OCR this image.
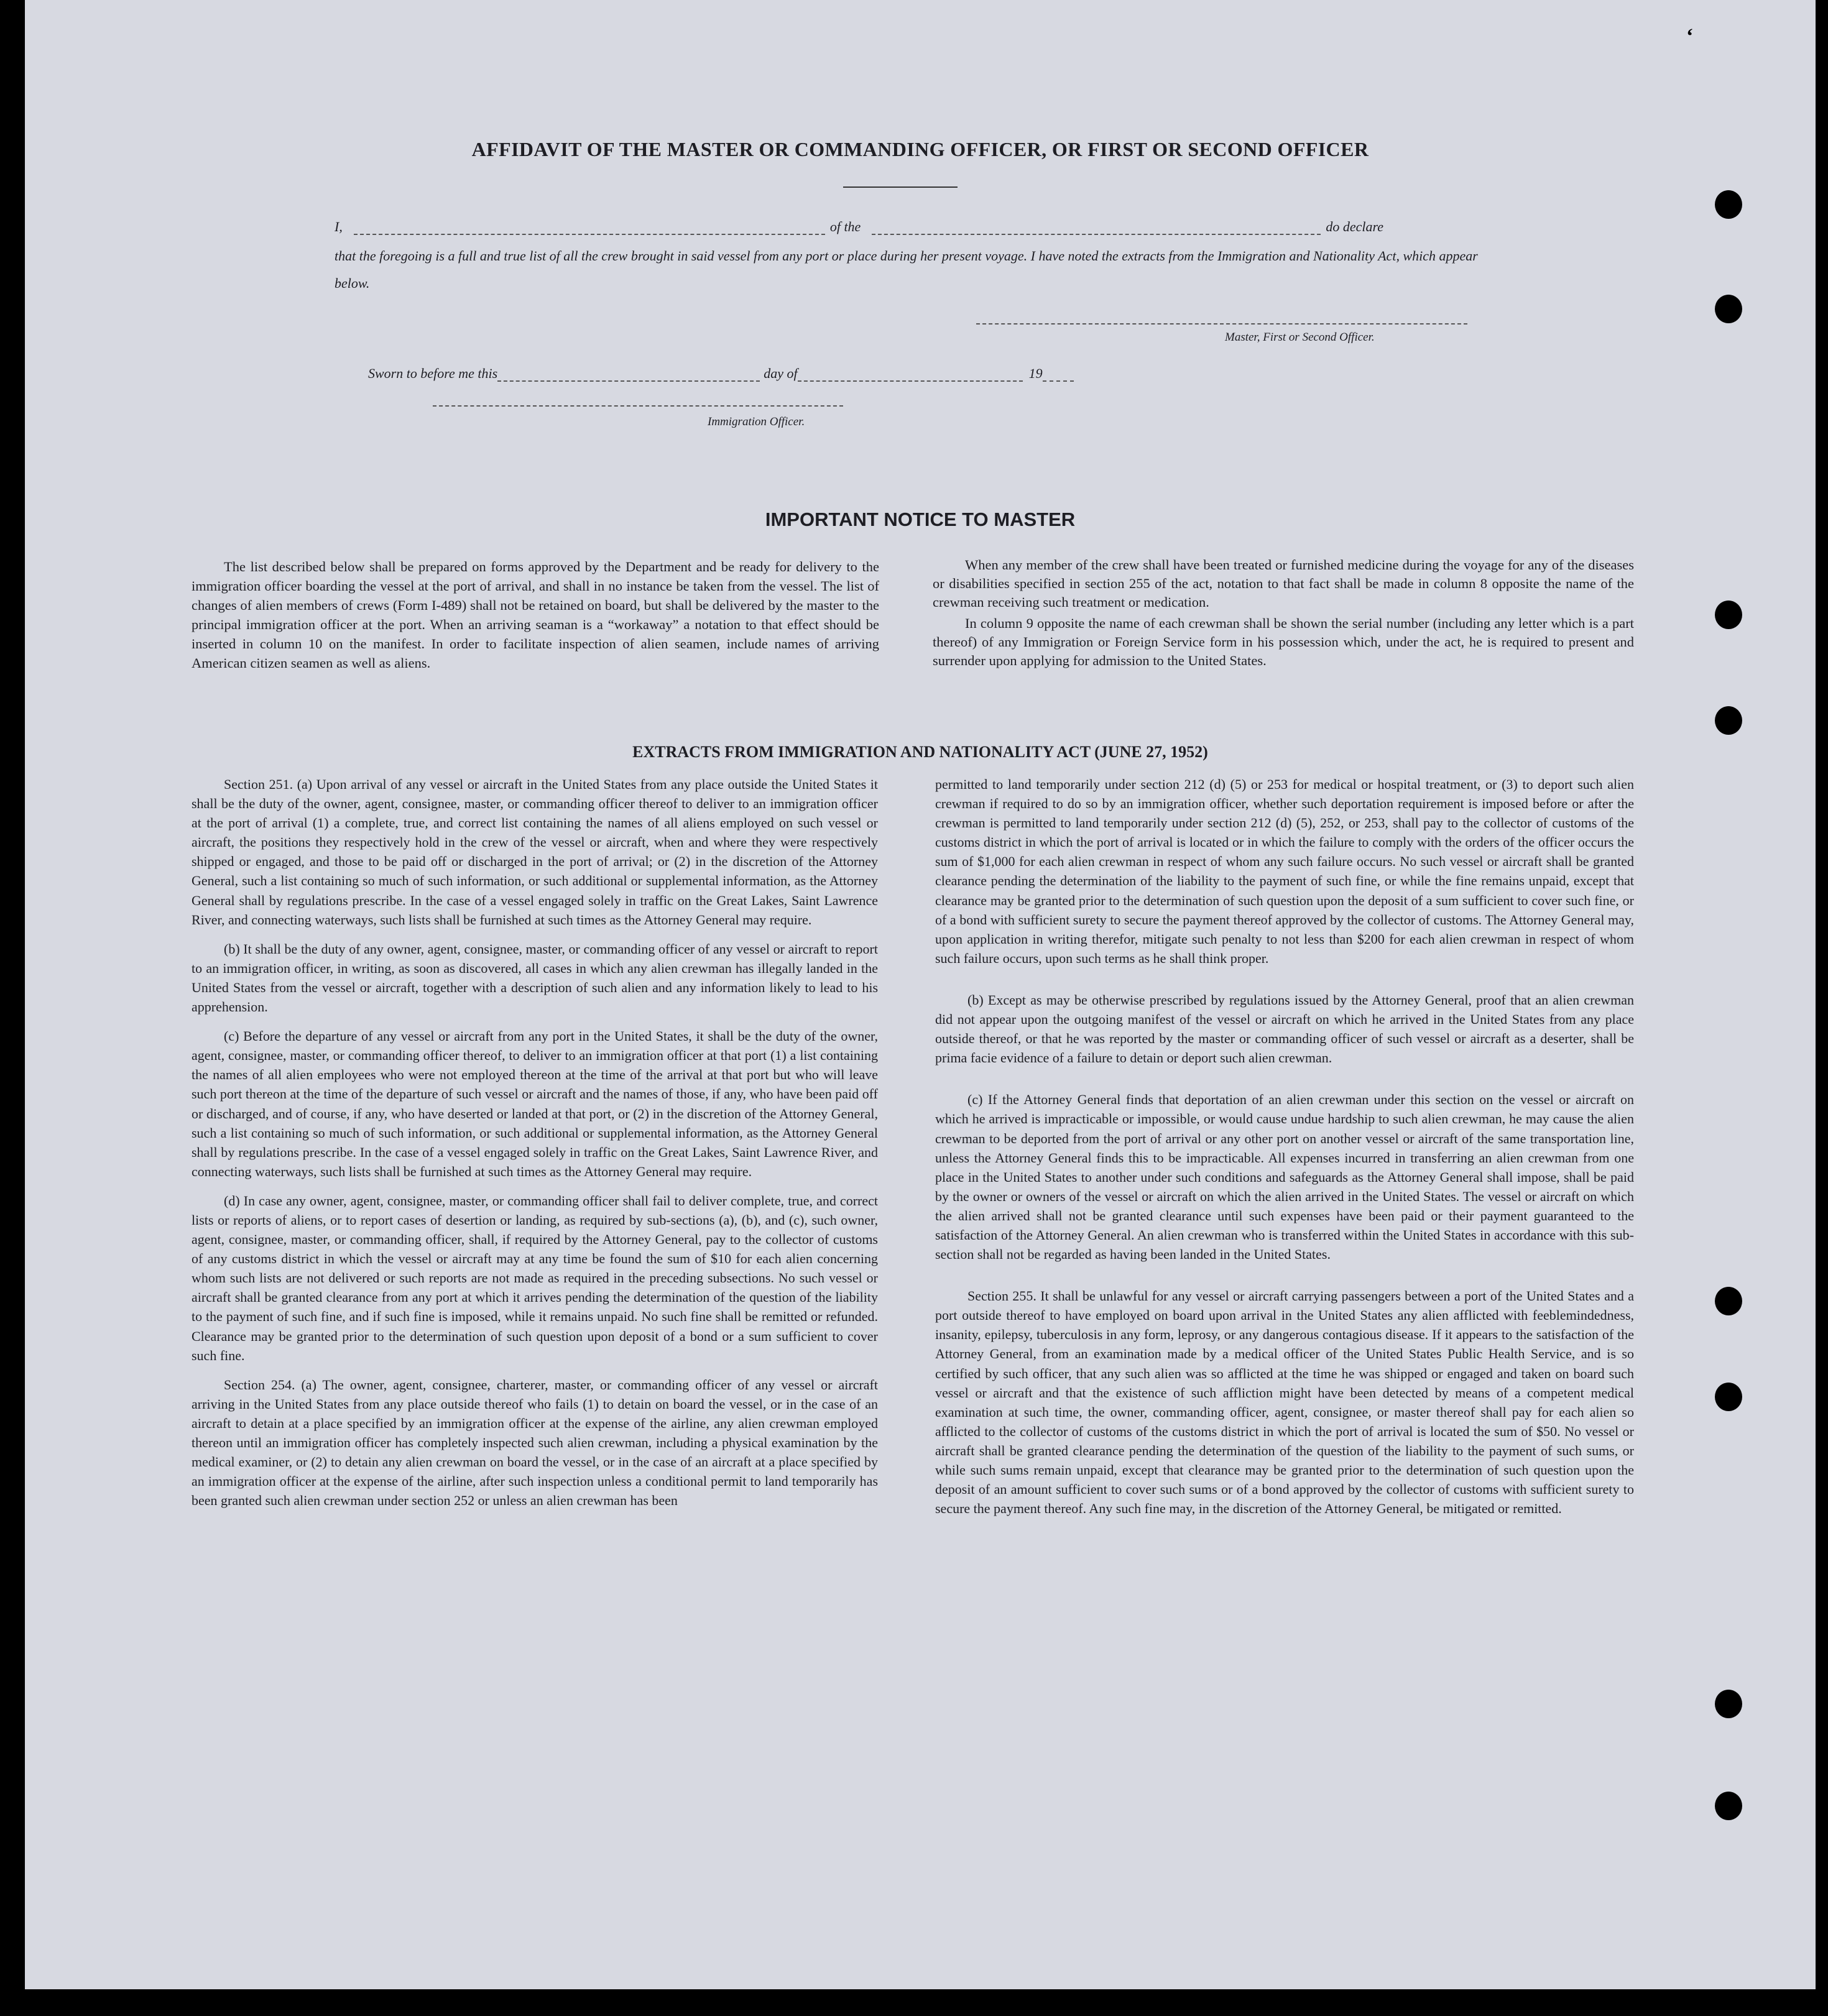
‘
AFFIDAVIT OF THE MASTER OR COMMANDING OFFICER, OR FIRST OR SECOND OFFICER
I,	of the	do declare
that the foregoing is a full and true list of all the crew brought in said vessel from any port or place during her present voyage. I have noted the extracts from the Immigration and Nationality Act, which appear below.
Master, First or Second Officer.
Sworn to before me this	day of	19
Immigration Officer.
IMPORTANT NOTICE TO MASTER

The list described below shall be prepared on forms approved by the Department and be ready for delivery to the immigration officer boarding the vessel at the port of arrival, and shall in no instance be taken from the vessel. The list of changes of alien members of crews (Form I-489) shall not be retained on board, but shall be delivered by the master to the principal immigration officer at the port. When an arriving seaman is a “workaway” a notation to that effect should be inserted in column 10 on the manifest. In order to facilitate inspection of alien seamen, include names of arriving American citizen seamen as well as aliens.

When any member of the crew shall have been treated or furnished medicine during the voyage for any of the diseases or disabilities specified in section 255 of the act, notation to that fact shall be made in column 8 opposite the name of the crewman receiving such treatment or medication.

In column 9 opposite the name of each crewman shall be shown the serial number (including any letter which is a part thereof) of any Immigration or Foreign Service form in his possession which, under the act, he is required to present and surrender upon applying for admission to the United States.

EXTRACTS FROM IMMIGRATION AND NATIONALITY ACT (JUNE 27, 1952)

Section 251. (a) Upon arrival of any vessel or aircraft in the United States from any place outside the United States it shall be the duty of the owner, agent, consignee, master, or commanding officer thereof to deliver to an immigration officer at the port of arrival (1) a complete, true, and correct list containing the names of all aliens employed on such vessel or aircraft, the positions they respectively hold in the crew of the vessel or aircraft, when and where they were respectively shipped or engaged, and those to be paid off or discharged in the port of arrival; or (2) in the discretion of the Attorney General, such a list containing so much of such information, or such additional or supplemental information, as the Attorney General shall by regulations prescribe. In the case of a vessel engaged solely in traffic on the Great Lakes, Saint Lawrence River, and connecting waterways, such lists shall be furnished at such times as the Attorney General may require.

(b) It shall be the duty of any owner, agent, consignee, master, or commanding officer of any vessel or aircraft to report to an immigration officer, in writing, as soon as discovered, all cases in which any alien crewman has illegally landed in the United States from the vessel or aircraft, together with a description of such alien and any information likely to lead to his apprehension.

(c) Before the departure of any vessel or aircraft from any port in the United States, it shall be the duty of the owner, agent, consignee, master, or commanding officer thereof, to deliver to an immigration officer at that port (1) a list containing the names of all alien employees who were not employed thereon at the time of the arrival at that port but who will leave such port thereon at the time of the departure of such vessel or aircraft and the names of those, if any, who have been paid off or discharged, and of course, if any, who have deserted or landed at that port, or (2) in the discretion of the Attorney General, such a list containing so much of such information, or such additional or supplemental information, as the Attorney General shall by regulations prescribe. In the case of a vessel engaged solely in traffic on the Great Lakes, Saint Lawrence River, and connecting waterways, such lists shall be furnished at such times as the Attorney General may require.

(d) In case any owner, agent, consignee, master, or commanding officer shall fail to deliver complete, true, and correct lists or reports of aliens, or to report cases of desertion or landing, as required by sub-sections (a), (b), and (c), such owner, agent, consignee, master, or commanding officer, shall, if required by the Attorney General, pay to the collector of customs of any customs district in which the vessel or aircraft may at any time be found the sum of $10 for each alien concerning whom such lists are not delivered or such reports are not made as required in the preceding subsections. No such vessel or aircraft shall be granted clearance from any port at which it arrives pending the determination of the question of the liability to the payment of such fine, and if such fine is imposed, while it remains unpaid. No such fine shall be remitted or refunded. Clearance may be granted prior to the determination of such question upon deposit of a bond or a sum sufficient to cover such fine.

Section 254. (a) The owner, agent, consignee, charterer, master, or commanding officer of any vessel or aircraft arriving in the United States from any place outside thereof who fails (1) to detain on board the vessel, or in the case of an aircraft to detain at a place specified by an immigration officer at the expense of the airline, any alien crewman employed thereon until an immigration officer has completely inspected such alien crewman, including a physical examination by the medical examiner, or (2) to detain any alien crewman on board the vessel, or in the case of an aircraft at a place specified by an immigration officer at the expense of the airline, after such inspection unless a conditional permit to land temporarily has been granted such alien crewman under section 252 or unless an alien crewman has been

permitted to land temporarily under section 212 (d) (5) or 253 for medical or hospital treatment, or (3) to deport such alien crewman if required to do so by an immigration officer, whether such deportation requirement is imposed before or after the crewman is permitted to land temporarily under section 212 (d) (5), 252, or 253, shall pay to the collector of customs of the customs district in which the port of arrival is located or in which the failure to comply with the orders of the officer occurs the sum of $1,000 for each alien crewman in respect of whom any such failure occurs. No such vessel or aircraft shall be granted clearance pending the determination of the liability to the payment of such fine, or while the fine remains unpaid, except that clearance may be granted prior to the determination of such question upon the deposit of a sum sufficient to cover such fine, or of a bond with sufficient surety to secure the payment thereof approved by the collector of customs. The Attorney General may, upon application in writing therefor, mitigate such penalty to not less than $200 for each alien crewman in respect of whom such failure occurs, upon such terms as he shall think proper.

(b) Except as may be otherwise prescribed by regulations issued by the Attorney General, proof that an alien crewman did not appear upon the outgoing manifest of the vessel or aircraft on which he arrived in the United States from any place outside thereof, or that he was reported by the master or commanding officer of such vessel or aircraft as a deserter, shall be prima facie evidence of a failure to detain or deport such alien crewman.

(c) If the Attorney General finds that deportation of an alien crewman under this section on the vessel or aircraft on which he arrived is impracticable or impossible, or would cause undue hardship to such alien crewman, he may cause the alien crewman to be deported from the port of arrival or any other port on another vessel or aircraft of the same transportation line, unless the Attorney General finds this to be impracticable. All expenses incurred in transferring an alien crewman from one place in the United States to another under such conditions and safeguards as the Attorney General shall impose, shall be paid by the owner or owners of the vessel or aircraft on which the alien arrived in the United States. The vessel or aircraft on which the alien arrived shall not be granted clearance until such expenses have been paid or their payment guaranteed to the satisfaction of the Attorney General. An alien crewman who is transferred within the United States in accordance with this sub-section shall not be regarded as having been landed in the United States.

Section 255. It shall be unlawful for any vessel or aircraft carrying passengers between a port of the United States and a port outside thereof to have employed on board upon arrival in the United States any alien afflicted with feeblemindedness, insanity, epilepsy, tuberculosis in any form, leprosy, or any dangerous contagious disease. If it appears to the satisfaction of the Attorney General, from an examination made by a medical officer of the United States Public Health Service, and is so certified by such officer, that any such alien was so afflicted at the time he was shipped or engaged and taken on board such vessel or aircraft and that the existence of such affliction might have been detected by means of a competent medical examination at such time, the owner, commanding officer, agent, consignee, or master thereof shall pay for each alien so afflicted to the collector of customs of the customs district in which the port of arrival is located the sum of $50. No vessel or aircraft shall be granted clearance pending the determination of the question of the liability to the payment of such sums, or while such sums remain unpaid, except that clearance may be granted prior to the determination of such question upon the deposit of an amount sufficient to cover such sums or of a bond approved by the collector of customs with sufficient surety to secure the payment thereof. Any such fine may, in the discretion of the Attorney General, be mitigated or remitted.
